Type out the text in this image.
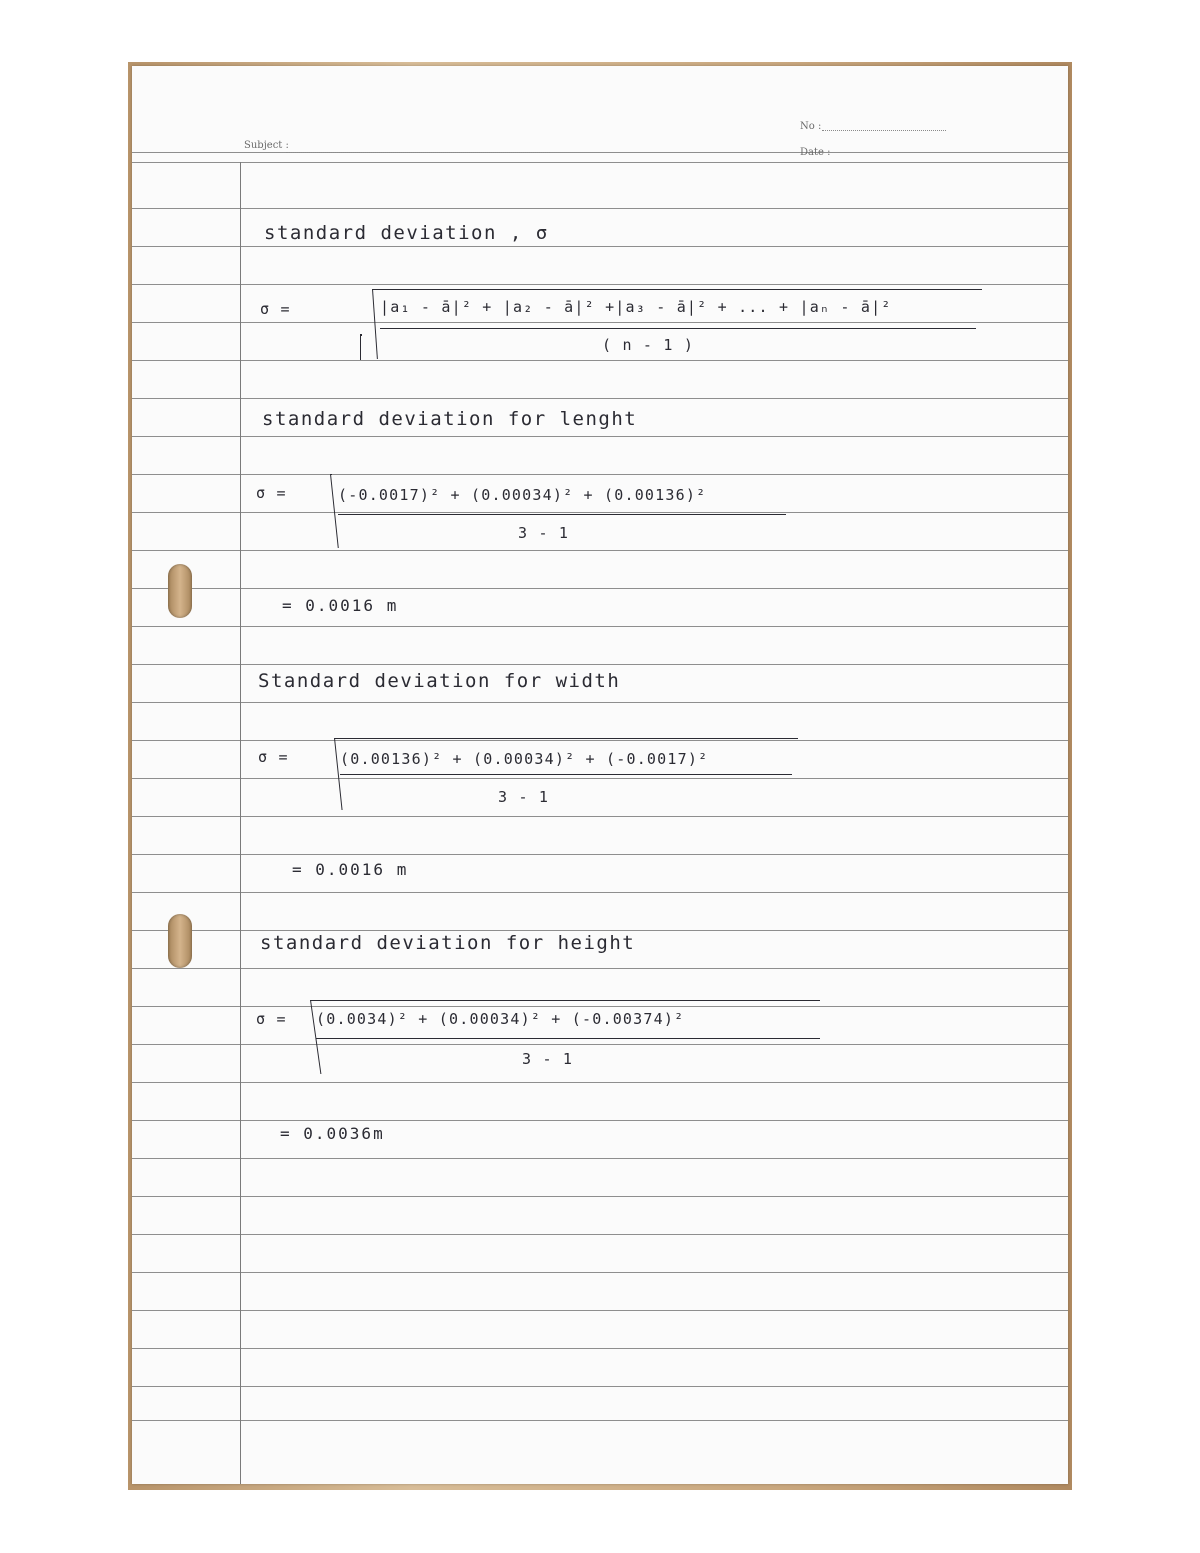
Subject :
No :
Date :
standard deviation , σ
σ =	|a₁ - ā|² + |a₂ - ā|² +|a₃ - ā|² + ... + |aₙ - ā|²
( n - 1 )
standard deviation for lenght
σ =	(-0.0017)² + (0.00034)² + (0.00136)²
3 - 1
= 0.0016 m
Standard deviation for width
σ =	(0.00136)² + (0.00034)² + (-0.0017)²
3 - 1
= 0.0016 m
standard deviation for height
σ = (0.0034)² + (0.00034)² + (-0.00374)²
3 - 1
= 0.0036m
